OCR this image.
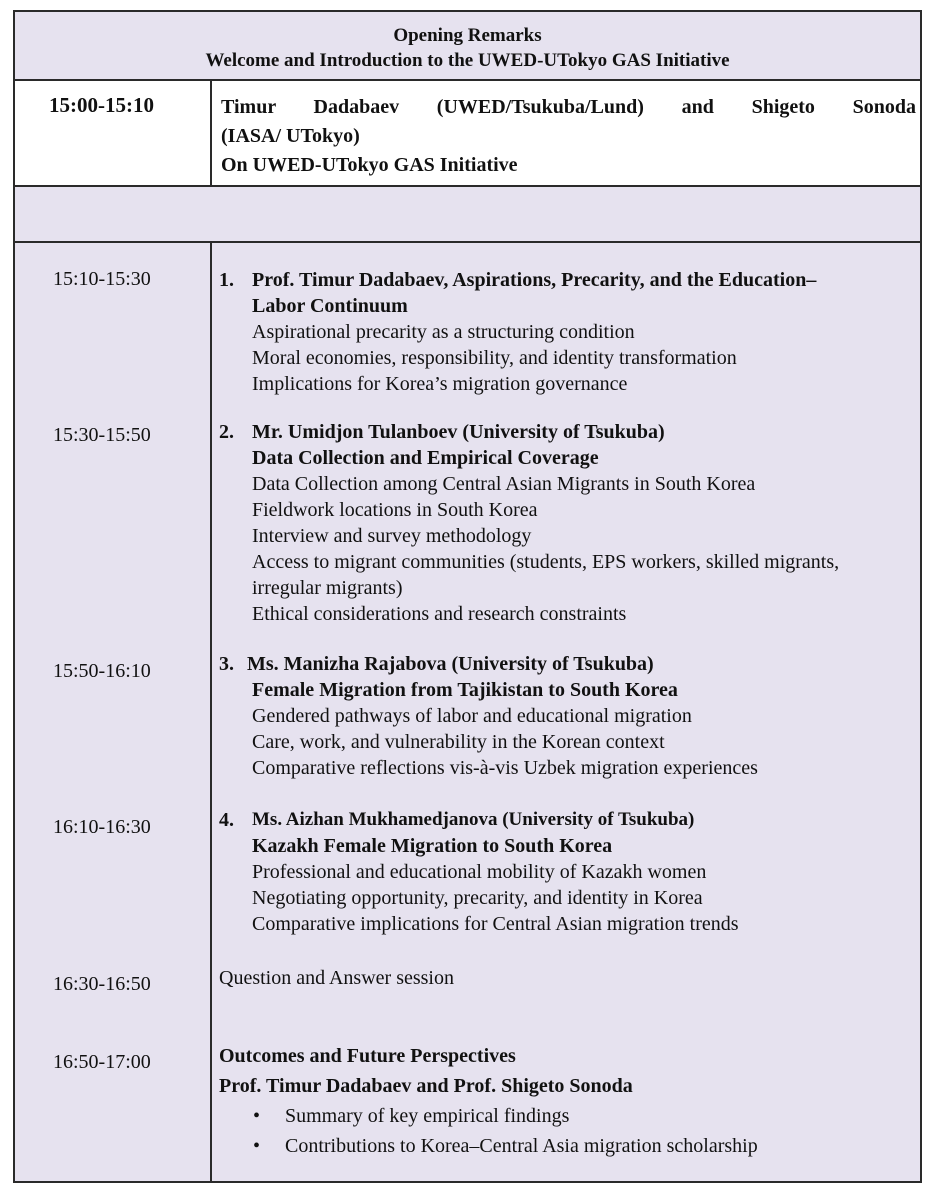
Opening Remarks
Welcome and Introduction to the UWED-UTokyo GAS Initiative
15:00-15:10	Timur Dadabaev (UWED/Tsukuba/Lund) and Shigeto Sonoda
(IASA/ UTokyo)
On UWED-UTokyo GAS Initiative
15:10-15:30	1. Prof. Timur Dadabaev, Aspirations, Precarity, and the Education–
Labor Continuum
Aspirational precarity as a structuring condition
Moral economies, responsibility, and identity transformation
Implications for Korea’s migration governance
15:30-15:50	2. Mr. Umidjon Tulanboev (University of Tsukuba)
Data Collection and Empirical Coverage
Data Collection among Central Asian Migrants in South Korea
Fieldwork locations in South Korea
Interview and survey methodology
Access to migrant communities (students, EPS workers, skilled migrants,
irregular migrants)
Ethical considerations and research constraints
15:50-16:10	3. Ms. Manizha Rajabova (University of Tsukuba)
Female Migration from Tajikistan to South Korea
Gendered pathways of labor and educational migration
Care, work, and vulnerability in the Korean context
Comparative reflections vis-à-vis Uzbek migration experiences
16:10-16:30	4. Ms. Aizhan Mukhamedjanova (University of Tsukuba)
Kazakh Female Migration to South Korea
Professional and educational mobility of Kazakh women
Negotiating opportunity, precarity, and identity in Korea
Comparative implications for Central Asian migration trends
16:30-16:50	Question and Answer session
16:50-17:00	Outcomes and Future Perspectives
Prof. Timur Dadabaev and Prof. Shigeto Sonoda
• Summary of key empirical findings
• Contributions to Korea–Central Asia migration scholarship
